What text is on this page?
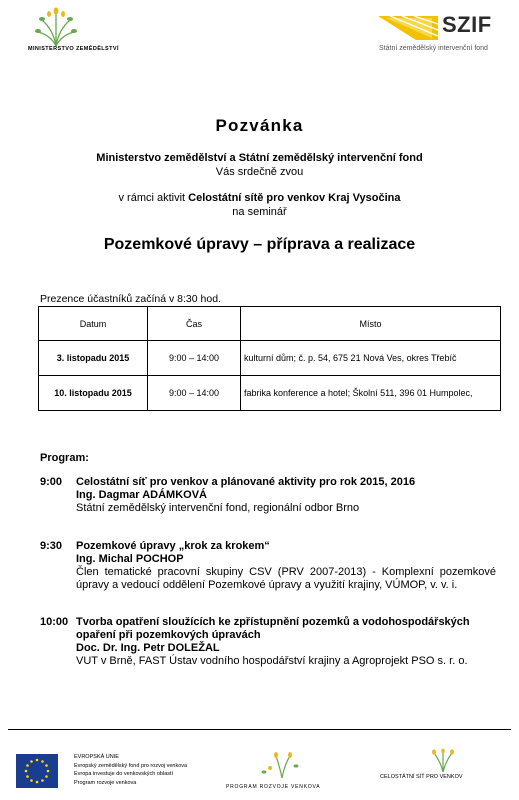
MINISTERSTVO ZEMĚDĚLSTVÍ
SZIF
Státní zemědělský intervenční fond
Pozvánka
Ministerstvo zemědělství a Státní zemědělský intervenční fond
Vás srdečně zvou
v rámci aktivit Celostátní sítě pro venkov Kraj Vysočina
na seminář
Pozemkové úpravy – příprava a realizace
Prezence účastníků začíná v 8:30 hod.
Datum	Čas	Místo
3. listopadu 2015	9:00 – 14:00	kulturní dům; č. p. 54, 675 21 Nová Ves, okres Třebíč
10. listopadu 2015	9:00 – 14:00	fabrika konference a hotel; Školní 511, 396 01 Humpolec,
Program:
9:00 Celostátní síť pro venkov a plánované aktivity pro rok 2015, 2016
Ing. Dagmar ADÁMKOVÁ
Státní zemědělský intervenční fond, regionální odbor Brno
9:30 Pozemkové úpravy „krok za krokem“
Ing. Michal POCHOP
Člen tematické pracovní skupiny CSV (PRV 2007-2013) - Komplexní pozemkové úpravy a vedoucí oddělení Pozemkové úpravy a využití krajiny, VÚMOP, v. v. i.
10:00 Tvorba opatření sloužících ke zpřístupnění pozemků a vodohospodářských opaření při pozemkových úpravách
Doc. Dr. Ing. Petr DOLEŽAL
VUT v Brně, FAST Ústav vodního hospodářství krajiny a Agroprojekt PSO s. r. o.
EVROPSKÁ UNIE
Evropský zemědělský fond pro rozvoj venkova
Evropa investuje do venkovských oblastí
Program rozvoje venkova
PROGRAM ROZVOJE VENKOVA
CELOSTÁTNÍ SÍŤ PRO VENKOV
